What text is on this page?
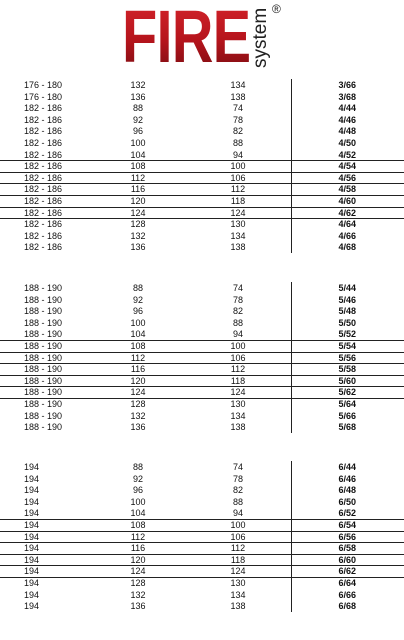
FIRE system ®
176 - 180	132	134	3/66
176 - 180	136	138	3/68
182 - 186	88	74	4/44
182 - 186	92	78	4/46
182 - 186	96	82	4/48
182 - 186	100	88	4/50
182 - 186	104	94	4/52
182 - 186	108	100	4/54
182 - 186	112	106	4/56
182 - 186	116	112	4/58
182 - 186	120	118	4/60
182 - 186	124	124	4/62
182 - 186	128	130	4/64
182 - 186	132	134	4/66
182 - 186	136	138	4/68
188 - 190	88	74	5/44
188 - 190	92	78	5/46
188 - 190	96	82	5/48
188 - 190	100	88	5/50
188 - 190	104	94	5/52
188 - 190	108	100	5/54
188 - 190	112	106	5/56
188 - 190	116	112	5/58
188 - 190	120	118	5/60
188 - 190	124	124	5/62
188 - 190	128	130	5/64
188 - 190	132	134	5/66
188 - 190	136	138	5/68
194	88	74	6/44
194	92	78	6/46
194	96	82	6/48
194	100	88	6/50
194	104	94	6/52
194	108	100	6/54
194	112	106	6/56
194	116	112	6/58
194	120	118	6/60
194	124	124	6/62
194	128	130	6/64
194	132	134	6/66
194	136	138	6/68
